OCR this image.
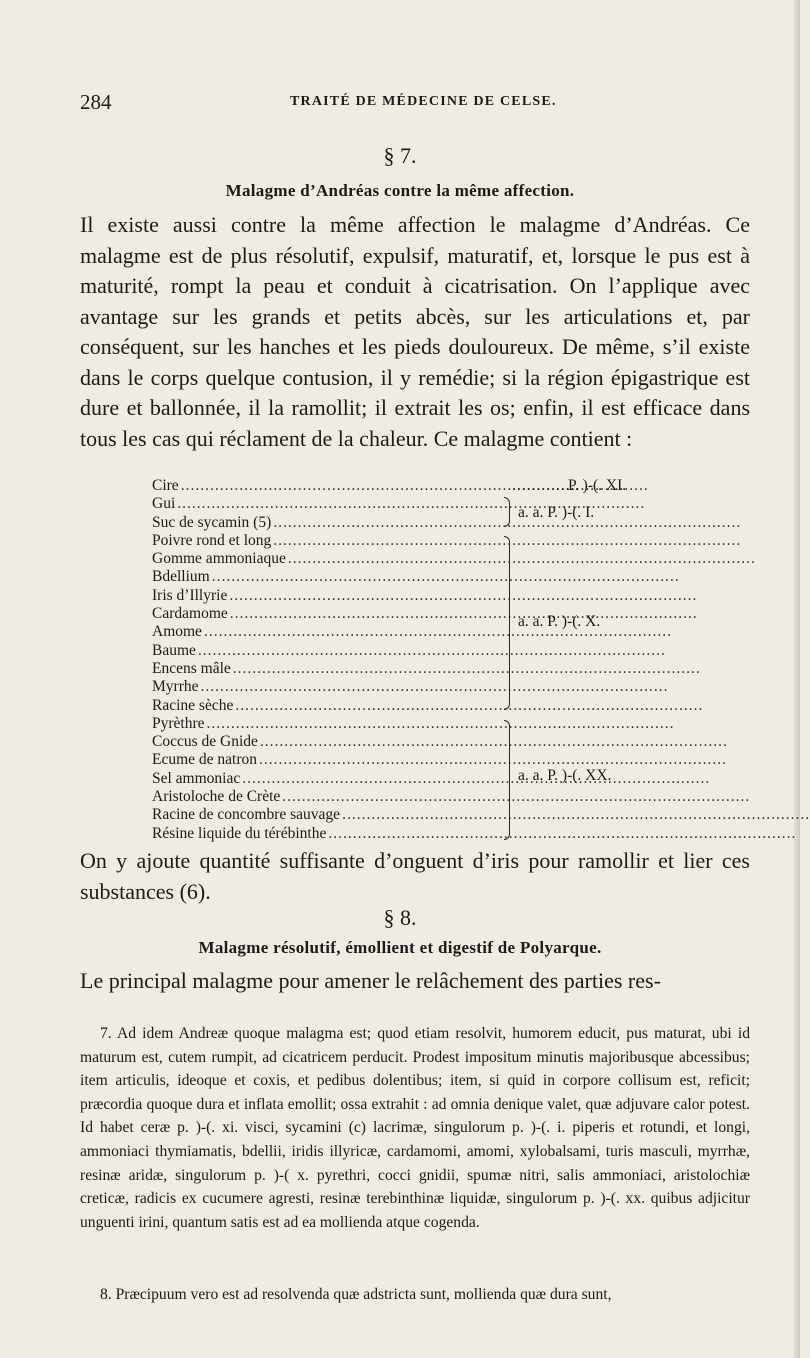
284	TRAITÉ DE MÉDECINE DE CELSE.
§ 7.
Malagme d’Andréas contre la même affection.

Il existe aussi contre la même affection le malagme d’Andréas. Ce malagme est de plus résolutif, expulsif, maturatif, et, lorsque le pus est à maturité, rompt la peau et conduit à cicatrisation. On l’applique avec avantage sur les grands et petits abcès, sur les articulations et, par conséquent, sur les hanches et les pieds douloureux. De même, s’il existe dans le corps quelque contusion, il y remédie; si la région épigastrique est dure et ballonnée, il la ramollit; il extrait les os; enfin, il est efficace dans tous les cas qui réclament de la chaleur. Ce malagme contient :

Cire
.....
Gui
.....
Suc de sycamin (5)
.....
Poivre rond et long
.....
Gomme ammoniaque
.....
Bdellium
.....
Iris d’Illyrie
.....
Cardamome
.....
Amome
.....
Baume
.....
Encens mâle
.....
Myrrhe
.....
Racine sèche
.....
Pyrèthre
.....
Coccus de Gnide
.....
Ecume de natron
.....
Sel ammoniac
.....
Aristoloche de Crète
.....
Racine de concombre sauvage
.....
Résine liquide du térébinthe
.....
.............
P. )-(. XI.
a. a. P. )-(. I.
a. a. P. )-(. X.
a. a. P. )-(. XX.

On y ajoute quantité suffisante d’onguent d’iris pour ramollir et lier ces substances (6).

§ 8.
Malagme résolutif, émollient et digestif de Polyarque.

Le principal malagme pour amener le relâchement des parties res-

7. Ad idem Andreæ quoque malagma est; quod etiam resolvit, humorem educit, pus maturat, ubi id maturum est, cutem rumpit, ad cicatricem perducit. Prodest impositum minutis majoribusque abcessibus; item articulis, ideoque et coxis, et pedibus dolentibus; item, si quid in corpore collisum est, reficit; præcordia quoque dura et inflata emollit; ossa extrahit : ad omnia denique valet, quæ adjuvare calor potest. Id habet ceræ p. )-(. xi. visci, sycamini (c) lacrimæ, singulorum p. )-(. i. piperis et rotundi, et longi, ammoniaci thymiamatis, bdellii, iridis illyricæ, cardamomi, amomi, xylobalsami, turis masculi, myrrhæ, resinæ aridæ, singulorum p. )-( x. pyrethri, cocci gnidii, spumæ nitri, salis ammoniaci, aristolochiæ creticæ, radicis ex cucumere agresti, resinæ terebinthinæ liquidæ, singulorum p. )-(. xx. quibus adjicitur unguenti irini, quantum satis est ad ea mollienda atque cogenda.

8. Præcipuum vero est ad resolvenda quæ adstricta sunt, mollienda quæ dura sunt,
